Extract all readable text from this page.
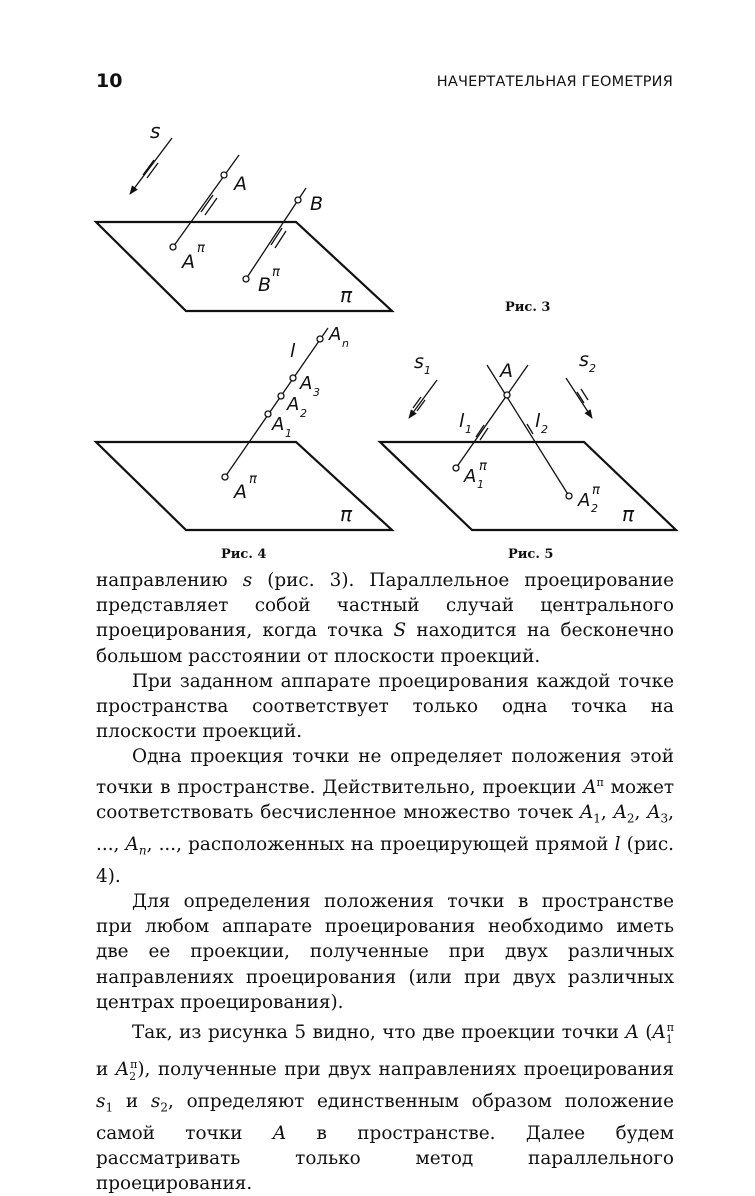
10	НАЧЕРТАТЕЛЬНАЯ ГЕОМЕТРИЯ
s
A
B
A
π
B
π
π
Рис. 3
l
A n
A 3
A 2
A 1
A
π
π
Рис. 4
s 1	s 2
A
l 1	l 2
A 1
π
A 2
π
π
Рис. 5

направлению s (рис. 3). Параллельное проецирование представляет собой частный случай центрального проецирования, когда точка S находится на бесконечно большом расстоянии от плоскости проекций.

При заданном аппарате проецирования каждой точке пространства соответствует только одна точка на плоскости проекций.

Одна проекция точки не определяет положения этой точки в пространстве. Действительно, проекции $A^\pi$ может соответствовать бесчисленное множество точек $A_1$, $A_2$, $A_3$, ..., $A_n$, ..., расположенных на проецирующей прямой l (рис. 4).

Для определения положения точки в пространстве при любом аппарате проецирования необходимо иметь две ее проекции, полученные при двух различных направлениях проецирования (или при двух различных центрах проецирования).

Так, из рисунка 5 видно, что две проекции точки A ($A_1^\pi$ и $A_2^\pi$), полученные при двух направлениях проецирования $s_1$ и $s_2$, определяют единственным образом положение самой точки A в пространстве. Далее будем рассматривать только метод параллельного проецирования.
